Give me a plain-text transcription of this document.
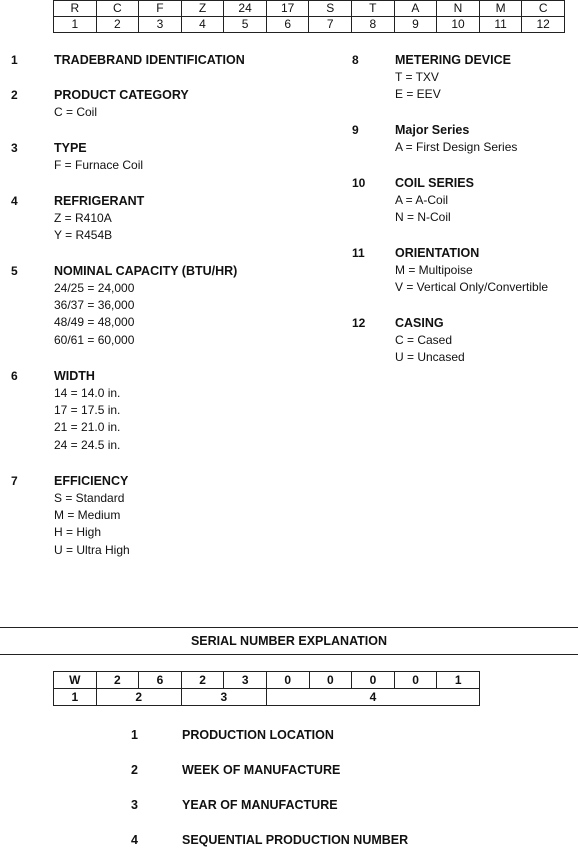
R	C	F	Z	24	17	S	T	A	N	M	C
1	2	3	4	5	6	7	8	9	10	11	12
1	TRADEBRAND IDENTIFICATION
2	PRODUCT CATEGORY
C = Coil
3	TYPE
F = Furnace Coil
4	REFRIGERANT
Z = R410A
Y = R454B
5	NOMINAL CAPACITY (BTU/HR)
24/25 = 24,000
36/37 = 36,000
48/49 = 48,000
60/61 = 60,000
6	WIDTH
14 = 14.0 in.
17 = 17.5 in.
21 = 21.0 in.
24 = 24.5 in.
7	EFFICIENCY
S = Standard
M = Medium
H = High
U = Ultra High
8	METERING DEVICE
T = TXV
E = EEV
9	Major Series
A = First Design Series
10 COIL SERIES
A = A-Coil
N = N-Coil
11 ORIENTATION
M = Multipoise
V = Vertical Only/Convertible
12 CASING
C = Cased
U = Uncased
SERIAL NUMBER EXPLANATION
W	2	6	2	3	0	0	0	0	1
1	2		3		4				
1	PRODUCTION LOCATION
2	WEEK OF MANUFACTURE
3	YEAR OF MANUFACTURE
4	SEQUENTIAL PRODUCTION NUMBER
